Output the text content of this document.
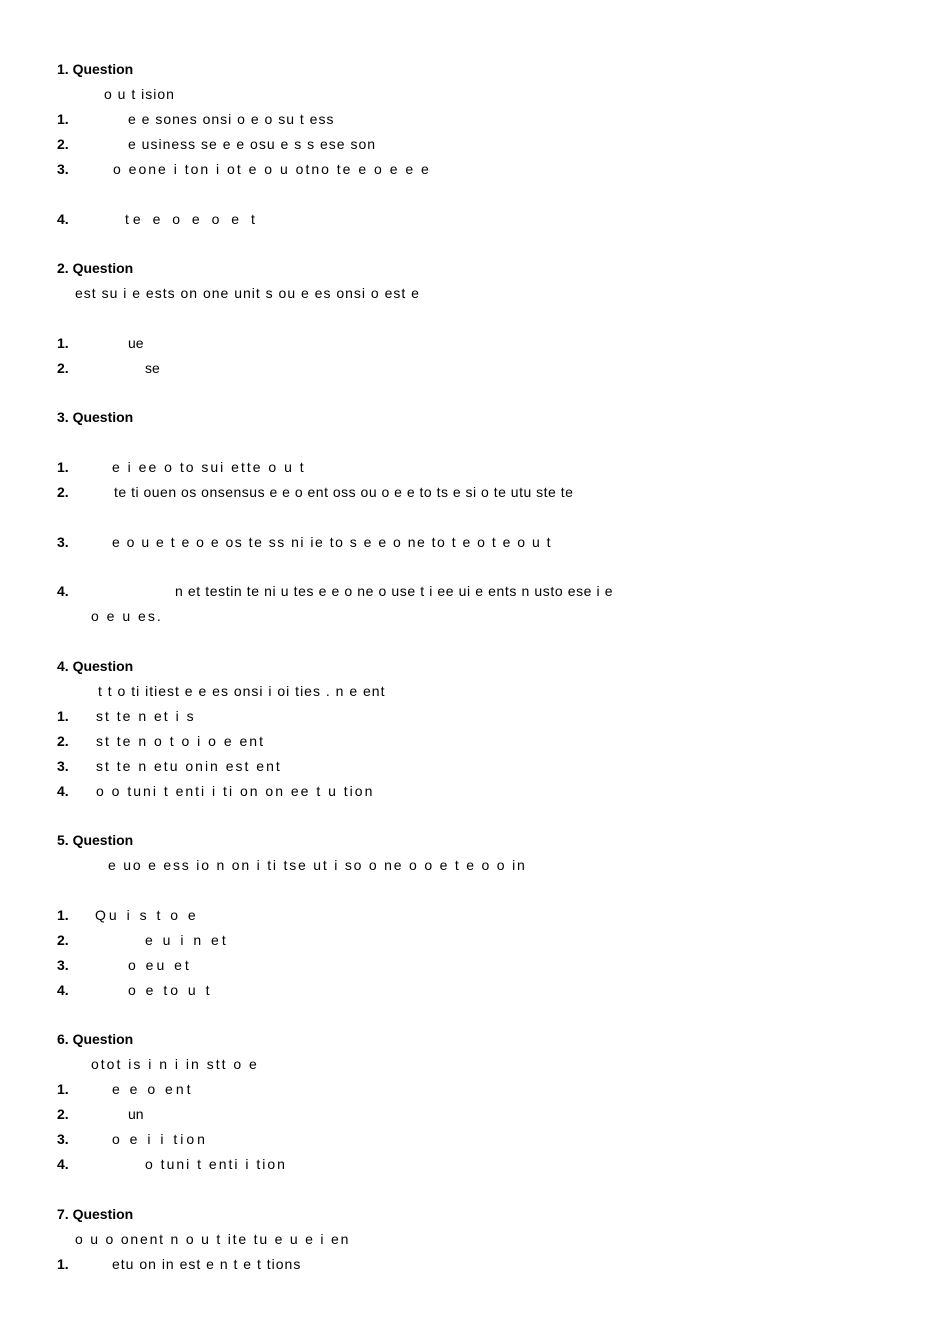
1. Question
o u t ision
1.	e e sones onsi o e o su t ess
2.	e usiness se e e osu e s s ese son
3.	o eone i ton i ot e o u otno te e o e e e
4.	te e o e o e t
2. Question
est su i e ests on one unit s ou e es onsi o est e
1.	ue
2.	se
3. Question
1.	e i ee o to sui ette o u t
2.	te ti ouen os onsensus e e o ent oss ou o e e to ts e si o te utu ste te
3.	e o u e t e o e os te ss ni ie to s e e o ne to t e o t e o u t
4.	n et testin te ni u tes e e o ne o use t i ee ui e ents n usto ese i e
o e u es.
4. Question
t t o ti itiest e e es onsi i oi ties . n e ent
1. st te n et i s
2. st te n o t o i o e ent
3. st te n etu onin est ent
4. o o tuni t enti i ti on on ee t u tion
5. Question
e uo e ess io n on i ti tse ut i so o ne o o e t e o o in
1. Qu i s t o e
2.	e u i n et
3.	o eu et
4.	o e to u t
6. Question
otot is i n i in stt o e
1.	e e o ent
2.	un
3.	o e i i tion
4.	o tuni t enti i tion
7. Question
o u o onent n o u t ite tu e u e i en
1.	etu on in est e n t e t tions
